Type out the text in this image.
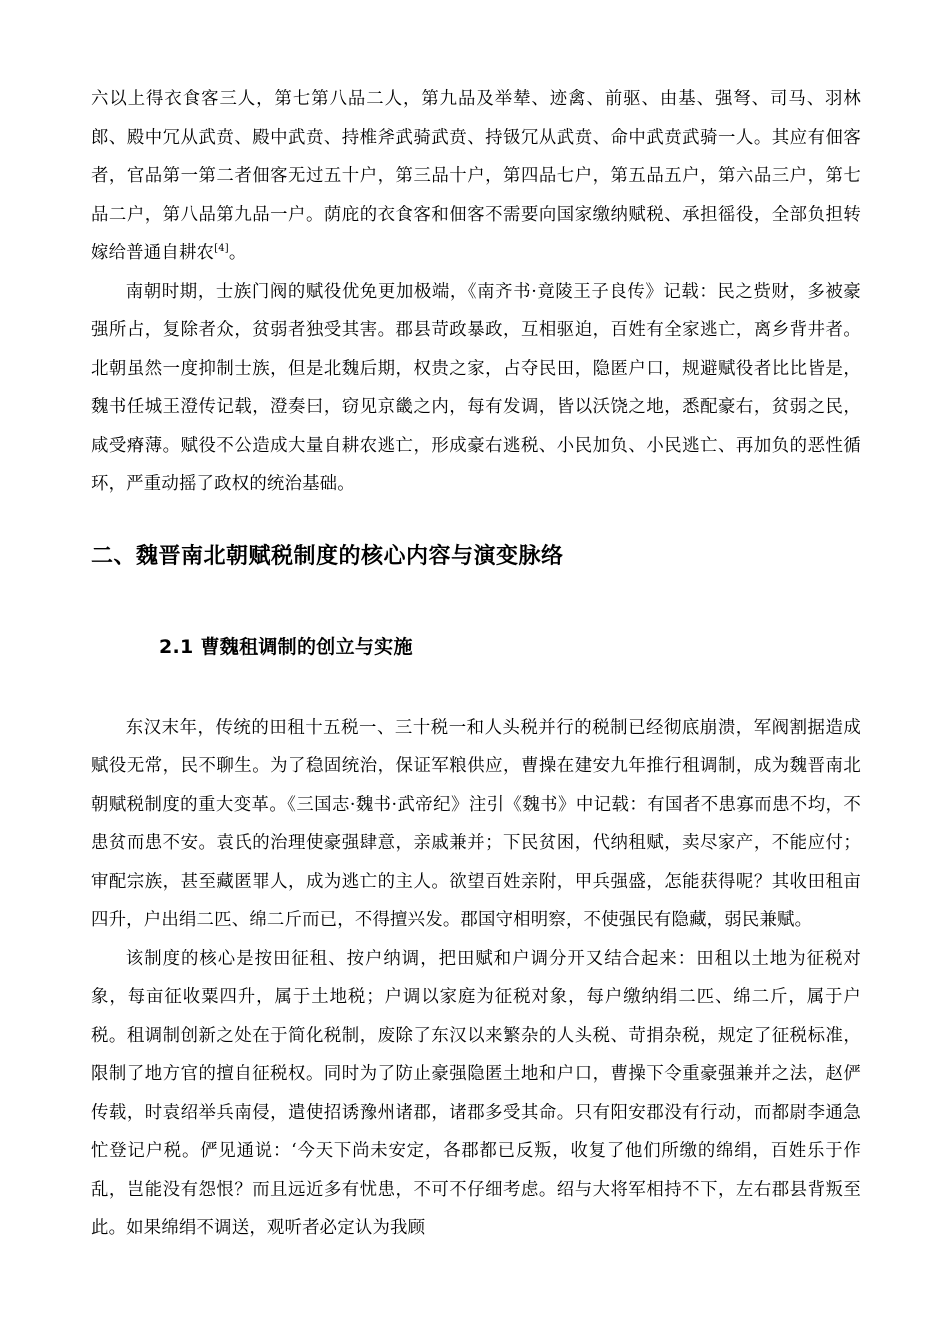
六以上得衣食客三人，第七第八品二人，第九品及举辇、迹禽、前驱、由基、强弩、司马、羽林郎、殿中冗从武贲、殿中武贲、持椎斧武骑武贲、持钑冗从武贲、命中武贲武骑一人。其应有佃客者，官品第一第二者佃客无过五十户，第三品十户，第四品七户，第五品五户，第六品三户，第七品二户，第八品第九品一户。荫庇的衣食客和佃客不需要向国家缴纳赋税、承担徭役，全部负担转嫁给普通自耕农[4]。

南朝时期，士族门阀的赋役优免更加极端，《南齐书·竟陵王子良传》记载：民之赀财，多被豪强所占，复除者众，贫弱者独受其害。郡县苛政暴政，互相驱迫，百姓有全家逃亡，离乡背井者。北朝虽然一度抑制士族，但是北魏后期，权贵之家，占夺民田，隐匿户口，规避赋役者比比皆是，魏书任城王澄传记载，澄奏曰，窃见京畿之内，每有发调，皆以沃饶之地，悉配豪右，贫弱之民，咸受瘠薄。赋役不公造成大量自耕农逃亡，形成豪右逃税、小民加负、小民逃亡、再加负的恶性循环，严重动摇了政权的统治基础。

二、魏晋南北朝赋税制度的核心内容与演变脉络
2.1 曹魏租调制的创立与实施

东汉末年，传统的田租十五税一、三十税一和人头税并行的税制已经彻底崩溃，军阀割据造成赋役无常，民不聊生。为了稳固统治，保证军粮供应，曹操在建安九年推行租调制，成为魏晋南北朝赋税制度的重大变革。《三国志·魏书·武帝纪》注引《魏书》中记载：有国者不患寡而患不均，不患贫而患不安。袁氏的治理使豪强肆意，亲戚兼并；下民贫困，代纳租赋，卖尽家产，不能应付；审配宗族，甚至藏匿罪人，成为逃亡的主人。欲望百姓亲附，甲兵强盛，怎能获得呢？其收田租亩四升，户出绢二匹、绵二斤而已，不得擅兴发。郡国守相明察，不使强民有隐藏，弱民兼赋。

该制度的核心是按田征租、按户纳调，把田赋和户调分开又结合起来：田租以土地为征税对象，每亩征收粟四升，属于土地税；户调以家庭为征税对象，每户缴纳绢二匹、绵二斤，属于户税。租调制创新之处在于简化税制，废除了东汉以来繁杂的人头税、苛捐杂税，规定了征税标准，限制了地方官的擅自征税权。同时为了防止豪强隐匿土地和户口，曹操下令重豪强兼并之法，赵俨传载，时袁绍举兵南侵，遣使招诱豫州诸郡，诸郡多受其命。只有阳安郡没有行动，而都尉李通急忙登记户税。俨见通说：‘今天下尚未安定，各郡都已反叛，收复了他们所缴的绵绢，百姓乐于作乱，岂能没有怨恨？而且远近多有忧患，不可不仔细考虑。绍与大将军相持不下，左右郡县背叛至此。如果绵绢不调送，观听者必定认为我顾
